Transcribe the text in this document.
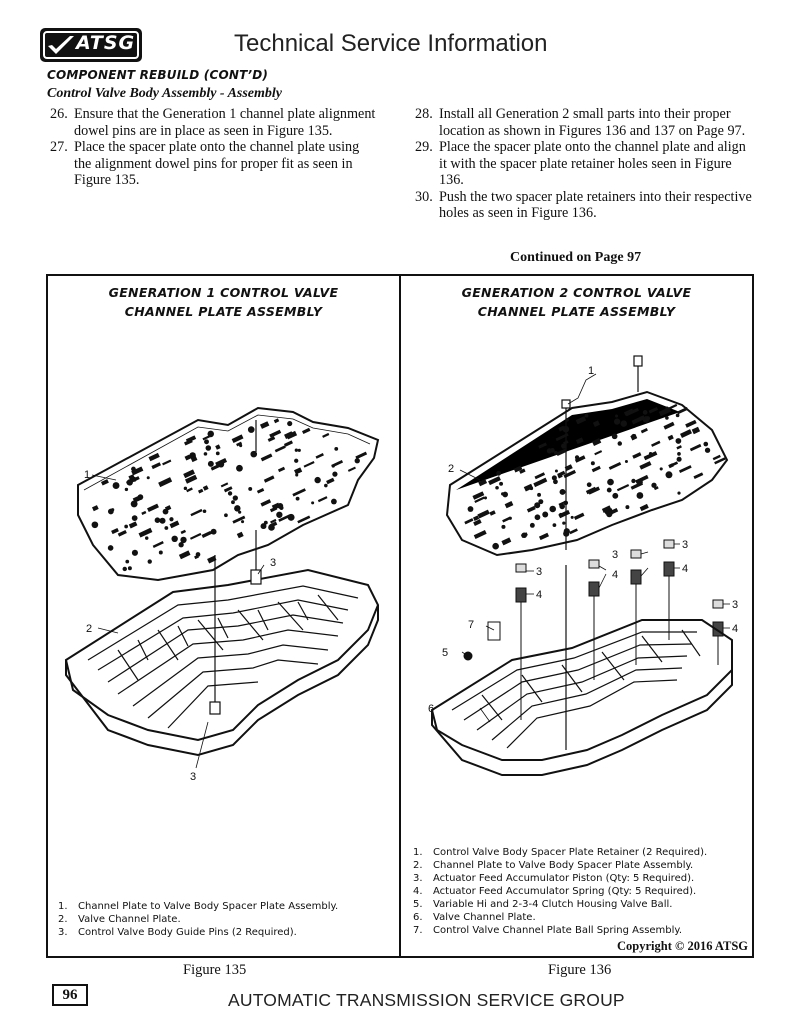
ATSG	Technical Service Information
COMPONENT REBUILD (CONT’D)
Control Valve Body Assembly - Assembly
26. Ensure that the Generation 1 channel plate alignment dowel pins are in place as seen in Figure 135.
27. Place the spacer plate onto the channel plate using the alignment dowel pins for proper fit as seen in Figure 135.
28. Install all Generation 2 small parts into their proper location as shown in Figures 136 and 137 on Page 97.
29. Place the spacer plate onto the channel plate and align it with the spacer plate retainer holes seen in Figure 136.
30. Push the two spacer plate retainers into their respective holes as seen in Figure 136.
Continued on Page 97
GENERATION 1 CONTROL VALVE
CHANNEL PLATE ASSEMBLY
GENERATION 2 CONTROL VALVE
CHANNEL PLATE ASSEMBLY
1
2
3
3
1
2
3
3
3
3
4
4	4
4
5
6
7
1.	Channel Plate to Valve Body Spacer Plate Assembly.
2.	Valve Channel Plate.
3.	Control Valve Body Guide Pins (2 Required).
1.	Control Valve Body Spacer Plate Retainer (2 Required).
2.	Channel Plate to Valve Body Spacer Plate Assembly.
3.	Actuator Feed Accumulator Piston (Qty: 5 Required).
4.	Actuator Feed Accumulator Spring (Qty: 5 Required).
5.	Variable Hi and 2-3-4 Clutch Housing Valve Ball.
6.	Valve Channel Plate.
7.	Control Valve Channel Plate Ball Spring Assembly.
Copyright © 2016 ATSG
Figure 135	Figure 136
96	AUTOMATIC TRANSMISSION SERVICE GROUP
